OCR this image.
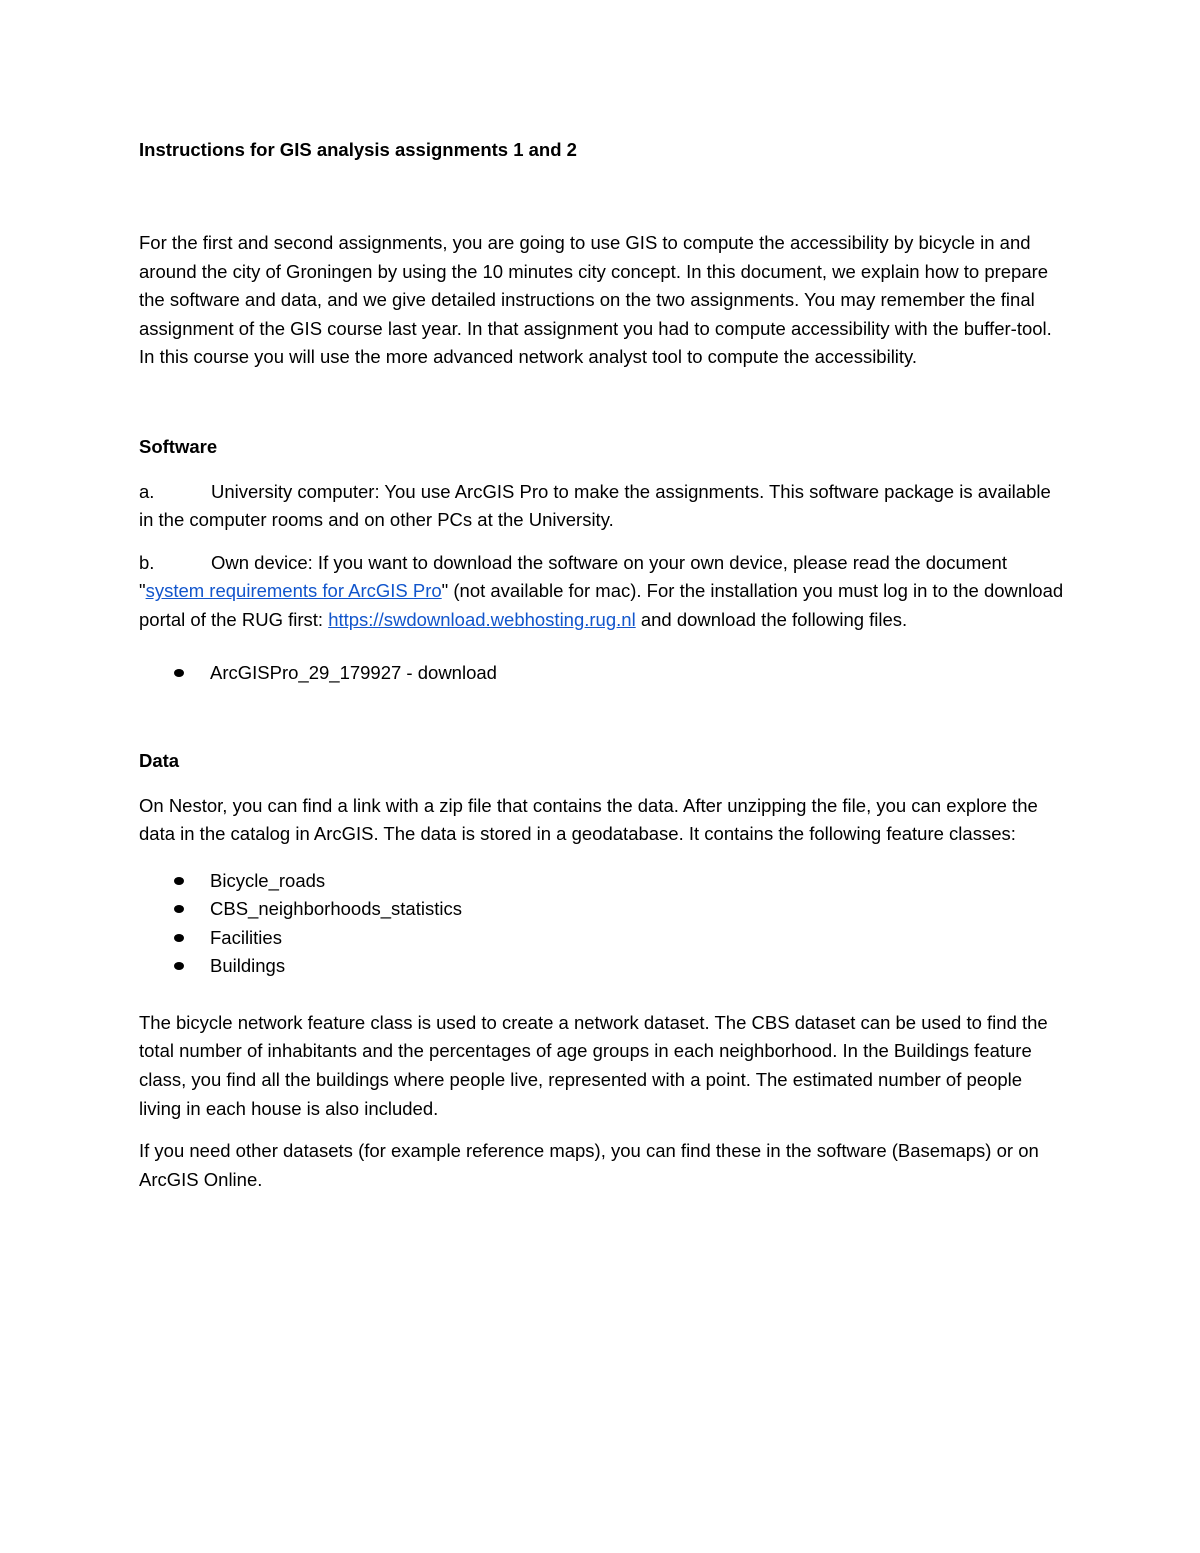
Instructions for GIS analysis assignments 1 and 2

For the first and second assignments, you are going to use GIS to compute the accessibility by bicycle in and around the city of Groningen by using the 10 minutes city concept. In this document, we explain how to prepare the software and data, and we give detailed instructions on the two assignments. You may remember the final assignment of the GIS course last year. In that assignment you had to compute accessibility with the buffer-tool. In this course you will use the more advanced network analyst tool to compute the accessibility.

Software

a.	University computer: You use ArcGIS Pro to make the assignments. This software package is available in the computer rooms and on other PCs at the University.

b.	Own device: If you want to download the software on your own device, please read the document "system requirements for ArcGIS Pro" (not available for mac). For the installation you must log in to the download portal of the RUG first: https://swdownload.webhosting.rug.nl and download the following files.

ArcGISPro_29_179927 - download

Data

On Nestor, you can find a link with a zip file that contains the data. After unzipping the file, you can explore the data in the catalog in ArcGIS. The data is stored in a geodatabase. It contains the following feature classes:

Bicycle_roads
CBS_neighborhoods_statistics
Facilities
Buildings

The bicycle network feature class is used to create a network dataset. The CBS dataset can be used to find the total number of inhabitants and the percentages of age groups in each neighborhood. In the Buildings feature class, you find all the buildings where people live, represented with a point. The estimated number of people living in each house is also included.

If you need other datasets (for example reference maps), you can find these in the software (Basemaps) or on ArcGIS Online.
